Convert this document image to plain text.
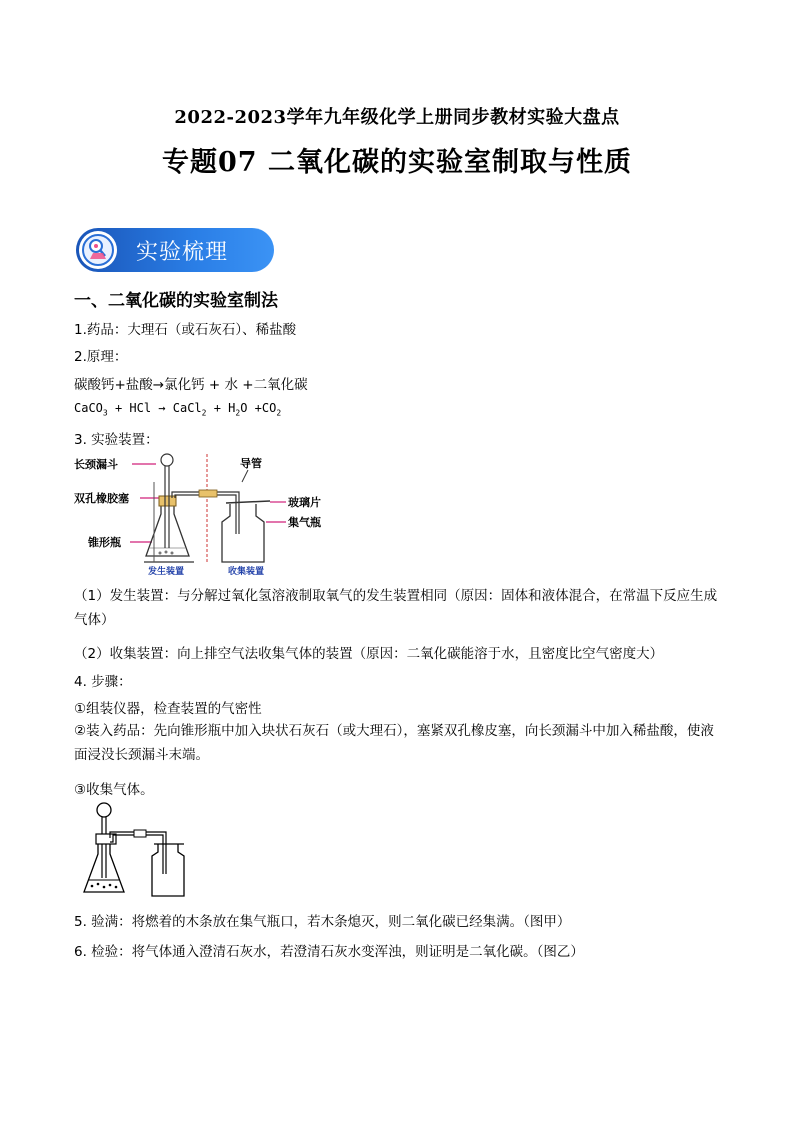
2022-2023学年九年级化学上册同步教材实验大盘点
专题07 二氧化碳的实验室制取与性质
实验梳理
一、二氧化碳的实验室制法
1.药品：大理石（或石灰石）、稀盐酸
2.原理：
碳酸钙+盐酸→氯化钙 + 水 +二氧化碳
CaCO$_3$ + HCl → CaCl$_2$ + $H_2O +CO_2$
3. 实验装置：
长颈漏斗	导管
双孔橡胶塞	玻璃片
集气瓶
锥形瓶
发生装置	收集装置
（1）发生装置：与分解过氧化氢溶液制取氧气的发生装置相同（原因：固体和液体混合，在常温下反应生成气体）
（2）收集装置：向上排空气法收集气体的装置（原因：二氧化碳能溶于水，且密度比空气密度大）
4. 步骤：
①组装仪器，检查装置的气密性
②装入药品：先向锥形瓶中加入块状石灰石（或大理石），塞紧双孔橡皮塞，向长颈漏斗中加入稀盐酸，使液面浸没长颈漏斗末端。
③收集气体。
5. 验满：将燃着的木条放在集气瓶口，若木条熄灭，则二氧化碳已经集满。（图甲）
6. 检验：将气体通入澄清石灰水，若澄清石灰水变浑浊，则证明是二氧化碳。（图乙）
